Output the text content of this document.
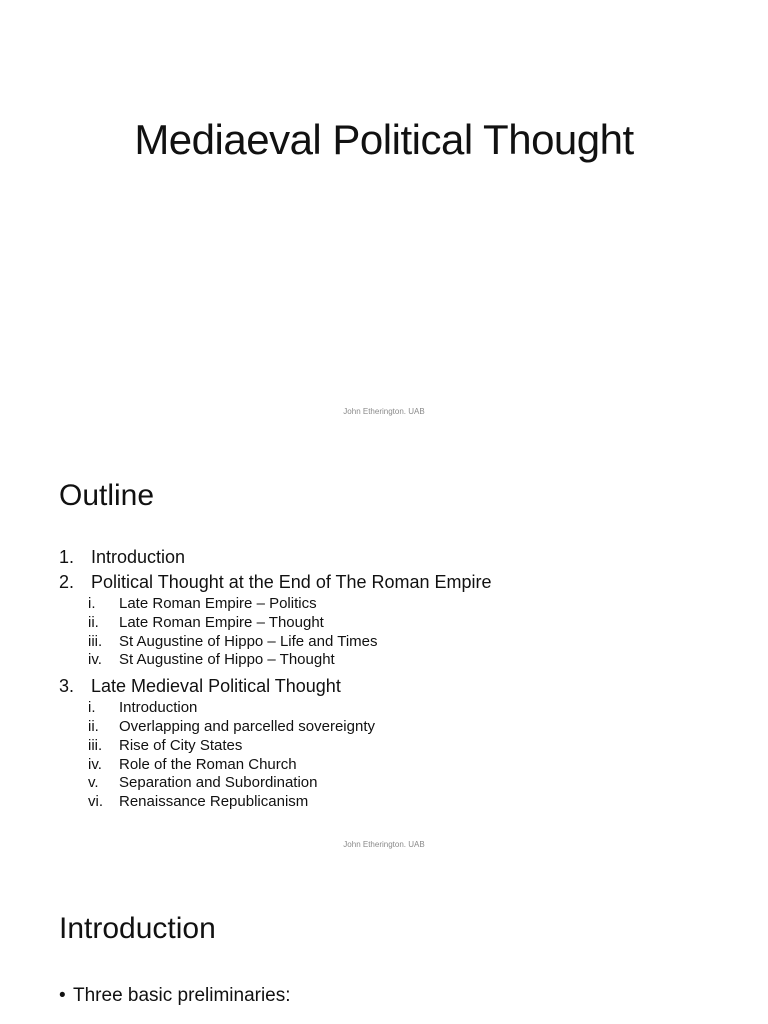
Mediaeval Political Thought
John Etherington. UAB
Outline
1. Introduction
2. Political Thought at the End of The Roman Empire
i.	Late Roman Empire – Politics
ii.	Late Roman Empire – Thought
iii.	St Augustine of Hippo – Life and Times
iv.	St Augustine of Hippo – Thought
3. Late Medieval Political Thought
i.	Introduction
ii.	Overlapping and parcelled sovereignty
iii.	Rise of City States
iv.	Role of the Roman Church
v.	Separation and Subordination
vi.	Renaissance Republicanism
John Etherington. UAB
Introduction
• Three basic preliminaries:
